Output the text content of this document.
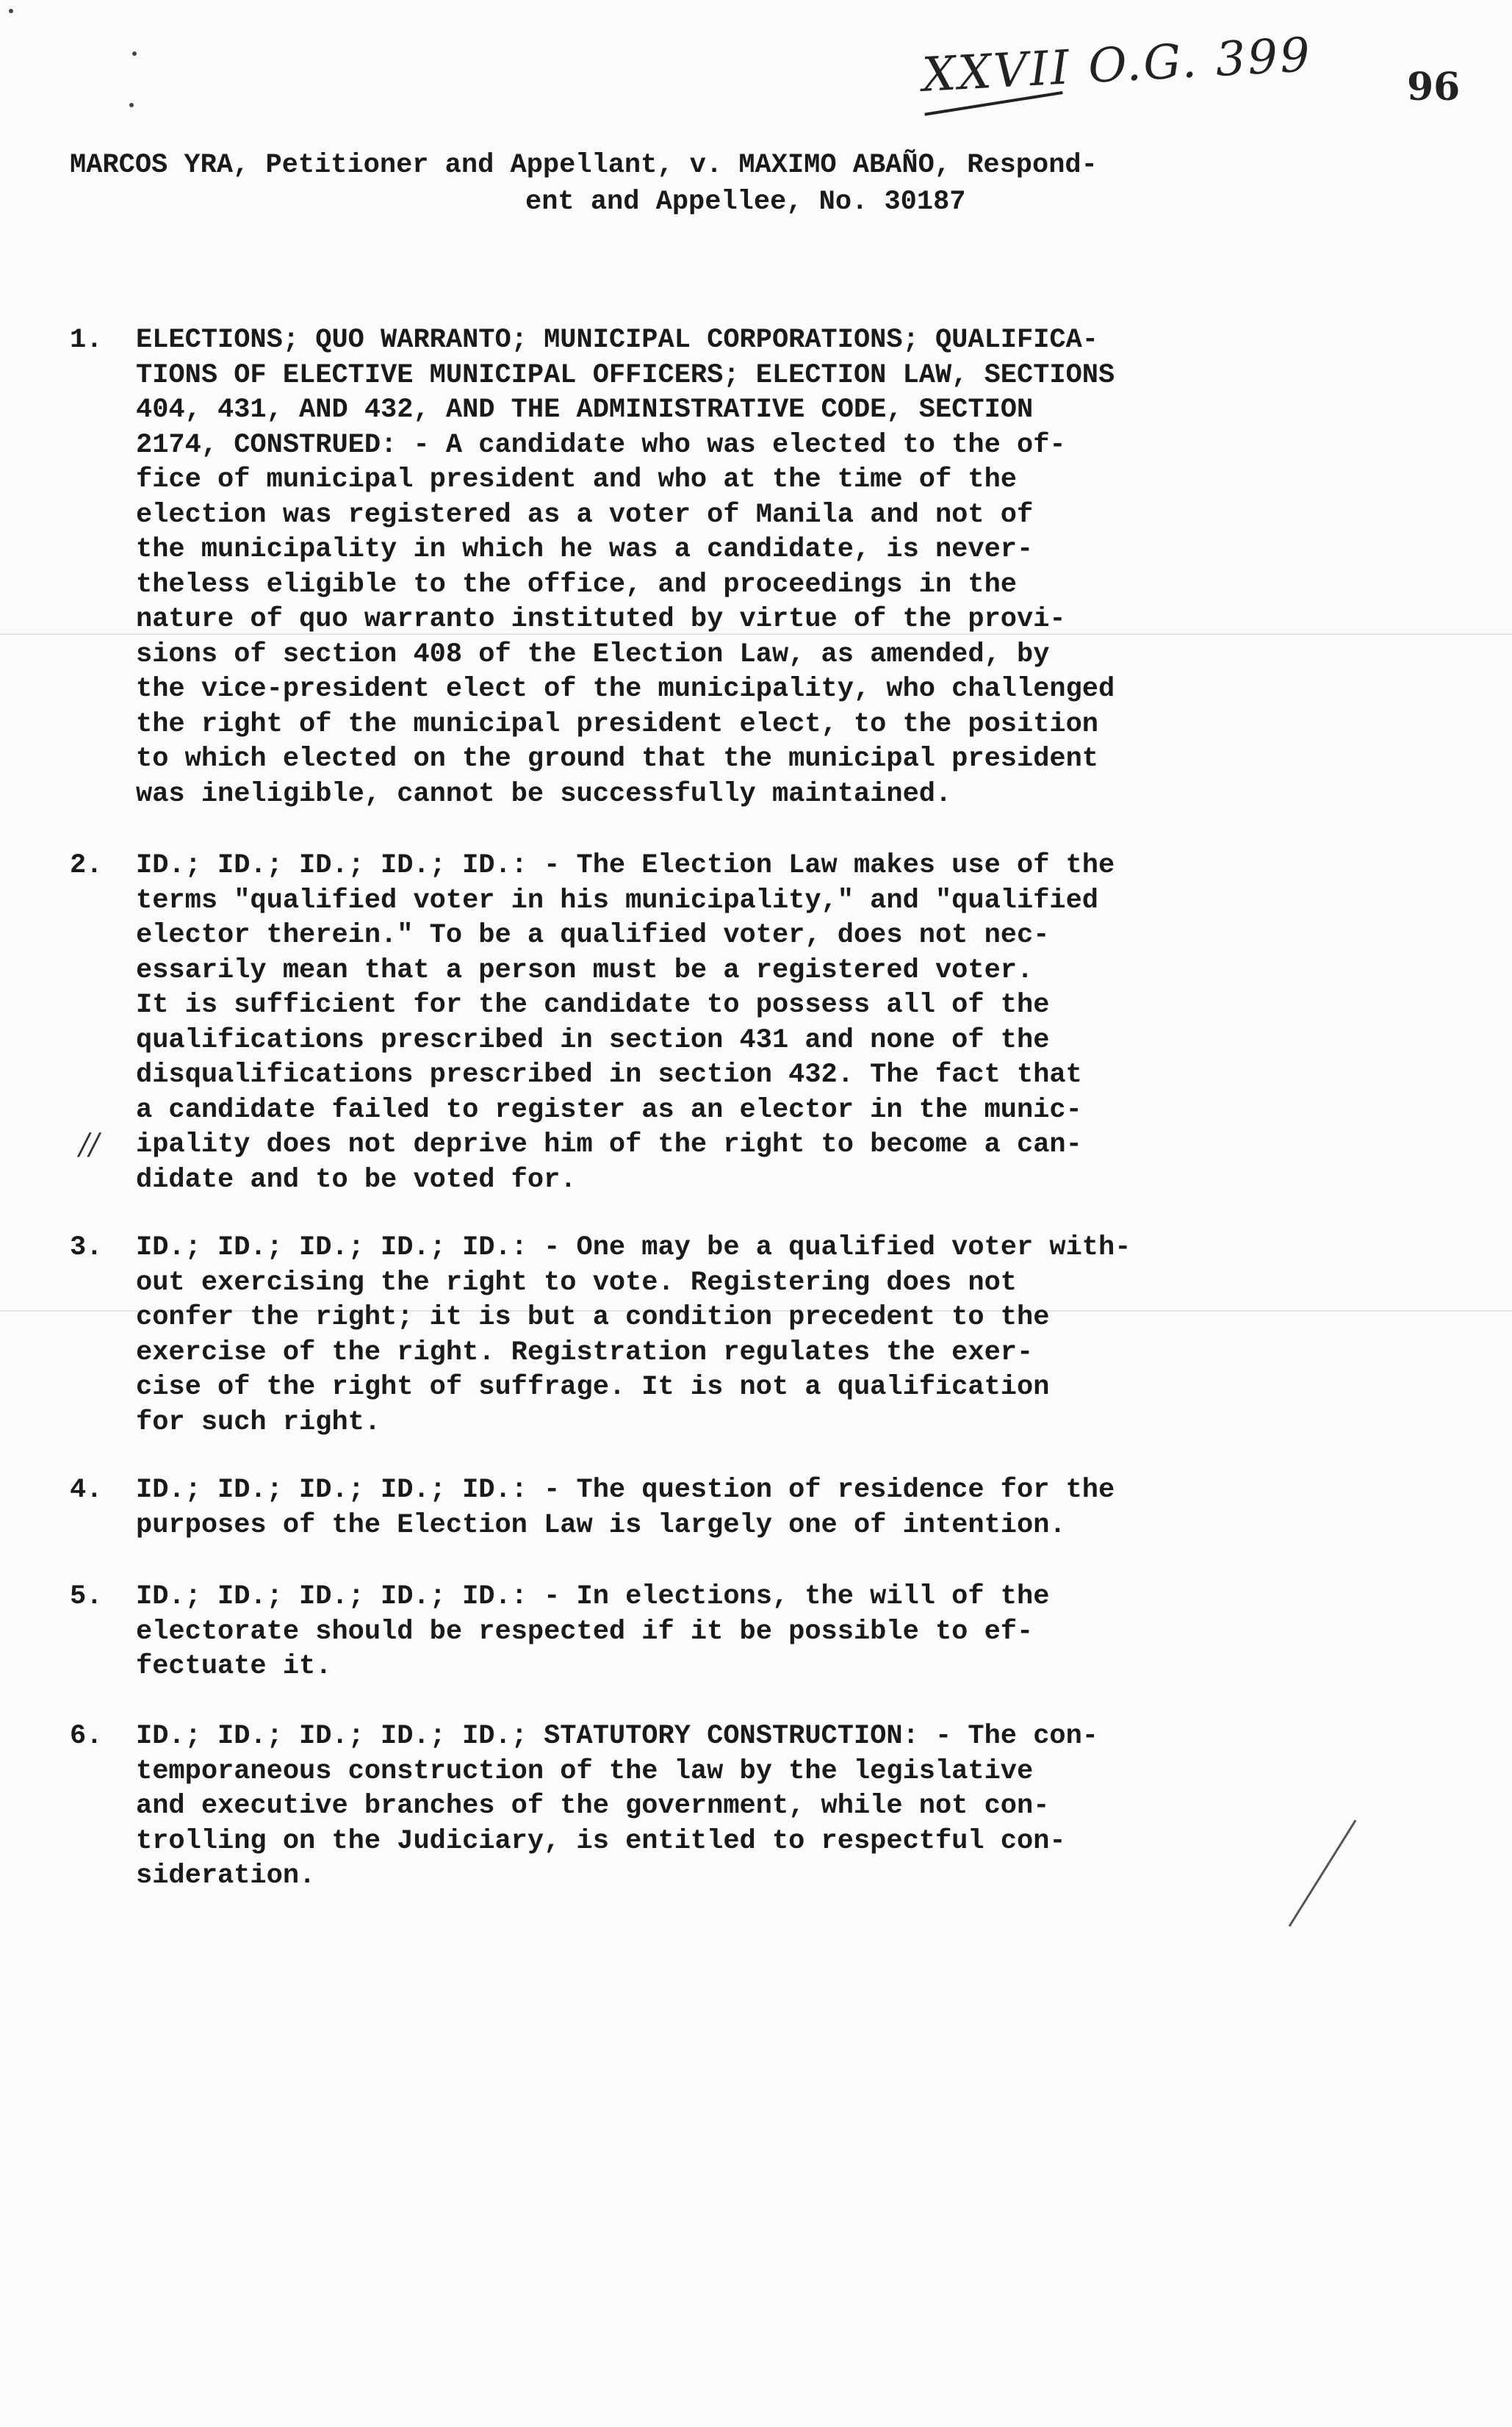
XXVII O.G. 399 96
MARCOS YRA, Petitioner and Appellant, v. MAXIMO ABAÑO, Respond-
ent and Appellee, No. 30187
1. ELECTIONS; QUO WARRANTO; MUNICIPAL CORPORATIONS; QUALIFICA-
TIONS OF ELECTIVE MUNICIPAL OFFICERS; ELECTION LAW, SECTIONS
404, 431, AND 432, AND THE ADMINISTRATIVE CODE, SECTION
2174, CONSTRUED: - A candidate who was elected to the of-
fice of municipal president and who at the time of the
election was registered as a voter of Manila and not of
the municipality in which he was a candidate, is never-
theless eligible to the office, and proceedings in the
nature of quo warranto instituted by virtue of the provi-
sions of section 408 of the Election Law, as amended, by
the vice-president elect of the municipality, who challenged
the right of the municipal president elect, to the position
to which elected on the ground that the municipal president
was ineligible, cannot be successfully maintained.
2. ID.; ID.; ID.; ID.; ID.: - The Election Law makes use of the
terms "qualified voter in his municipality," and "qualified
elector therein." To be a qualified voter, does not nec-
essarily mean that a person must be a registered voter.
It is sufficient for the candidate to possess all of the
qualifications prescribed in section 431 and none of the
disqualifications prescribed in section 432. The fact that
a candidate failed to register as an elector in the munic-
ipality does not deprive him of the right to become a can-
didate and to be voted for.
//
3. ID.; ID.; ID.; ID.; ID.: - One may be a qualified voter with-
out exercising the right to vote. Registering does not
confer the right; it is but a condition precedent to the
exercise of the right. Registration regulates the exer-
cise of the right of suffrage. It is not a qualification
for such right.
4. ID.; ID.; ID.; ID.; ID.: - The question of residence for the
purposes of the Election Law is largely one of intention.
5. ID.; ID.; ID.; ID.; ID.: - In elections, the will of the
electorate should be respected if it be possible to ef-
fectuate it.
6. ID.; ID.; ID.; ID.; ID.; STATUTORY CONSTRUCTION: - The con-
temporaneous construction of the law by the legislative
and executive branches of the government, while not con-
trolling on the Judiciary, is entitled to respectful con-
sideration.
